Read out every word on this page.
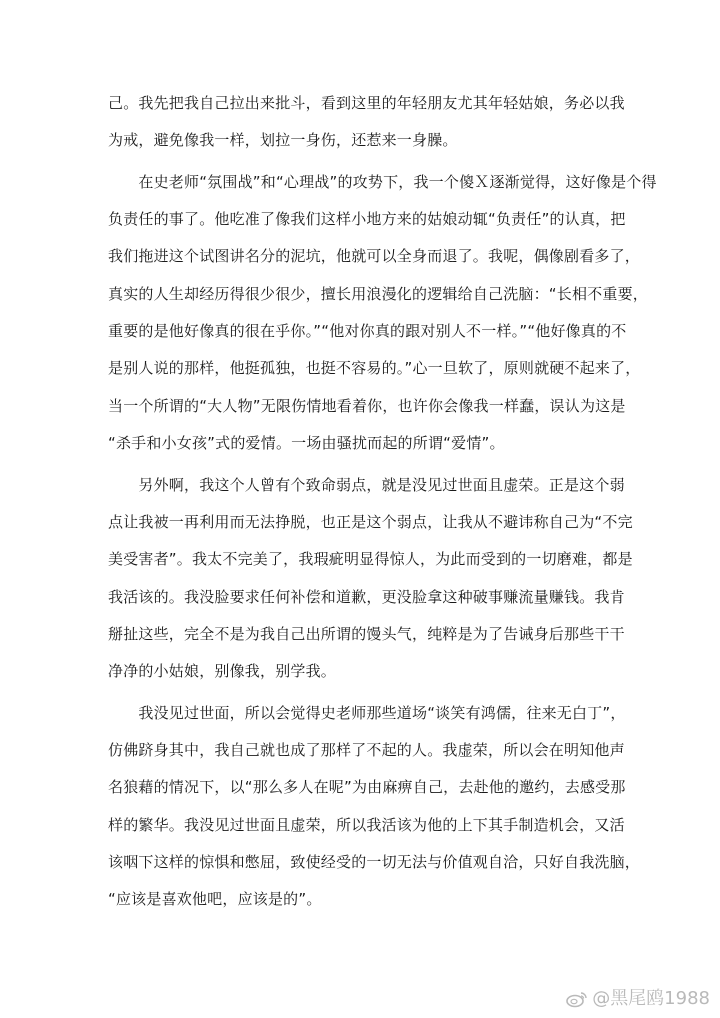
己。我先把我自己拉出来批斗，看到这里的年轻朋友尤其年轻姑娘，务必以我
为戒，避免像我一样，划拉一身伤，还惹来一身臊。
　　在史老师“氛围战”和“心理战”的攻势下，我一个傻Ｘ逐渐觉得，这好像是个得
负责任的事了。他吃准了像我们这样小地方来的姑娘动辄“负责任”的认真，把
我们拖进这个试图讲名分的泥坑，他就可以全身而退了。我呢，偶像剧看多了，
真实的人生却经历得很少很少，擅长用浪漫化的逻辑给自己洗脑：“长相不重要，
重要的是他好像真的很在乎你。”“他对你真的跟对别人不一样。”“他好像真的不
是别人说的那样，他挺孤独，也挺不容易的。”心一旦软了，原则就硬不起来了，
当一个所谓的“大人物”无限伤情地看着你，也许你会像我一样蠢，误认为这是
“杀手和小女孩”式的爱情。一场由骚扰而起的所谓“爱情”。
　　另外啊，我这个人曾有个致命弱点，就是没见过世面且虚荣。正是这个弱
点让我被一再利用而无法挣脱，也正是这个弱点，让我从不避讳称自己为“不完
美受害者”。我太不完美了，我瑕疵明显得惊人，为此而受到的一切磨难，都是
我活该的。我没脸要求任何补偿和道歉，更没脸拿这种破事赚流量赚钱。我肯
掰扯这些，完全不是为我自己出所谓的馒头气，纯粹是为了告诫身后那些干干
净净的小姑娘，别像我，别学我。
　　我没见过世面，所以会觉得史老师那些道场“谈笑有鸿儒，往来无白丁”，
仿佛跻身其中，我自己就也成了那样了不起的人。我虚荣，所以会在明知他声
名狼藉的情况下，以“那么多人在呢”为由麻痹自己，去赴他的邀约，去感受那
样的繁华。我没见过世面且虚荣，所以我活该为他的上下其手制造机会，又活
该咽下这样的惊惧和憋屈，致使经受的一切无法与价值观自洽，只好自我洗脑，
“应该是喜欢他吧，应该是的”。
@黑尾鸥1988
